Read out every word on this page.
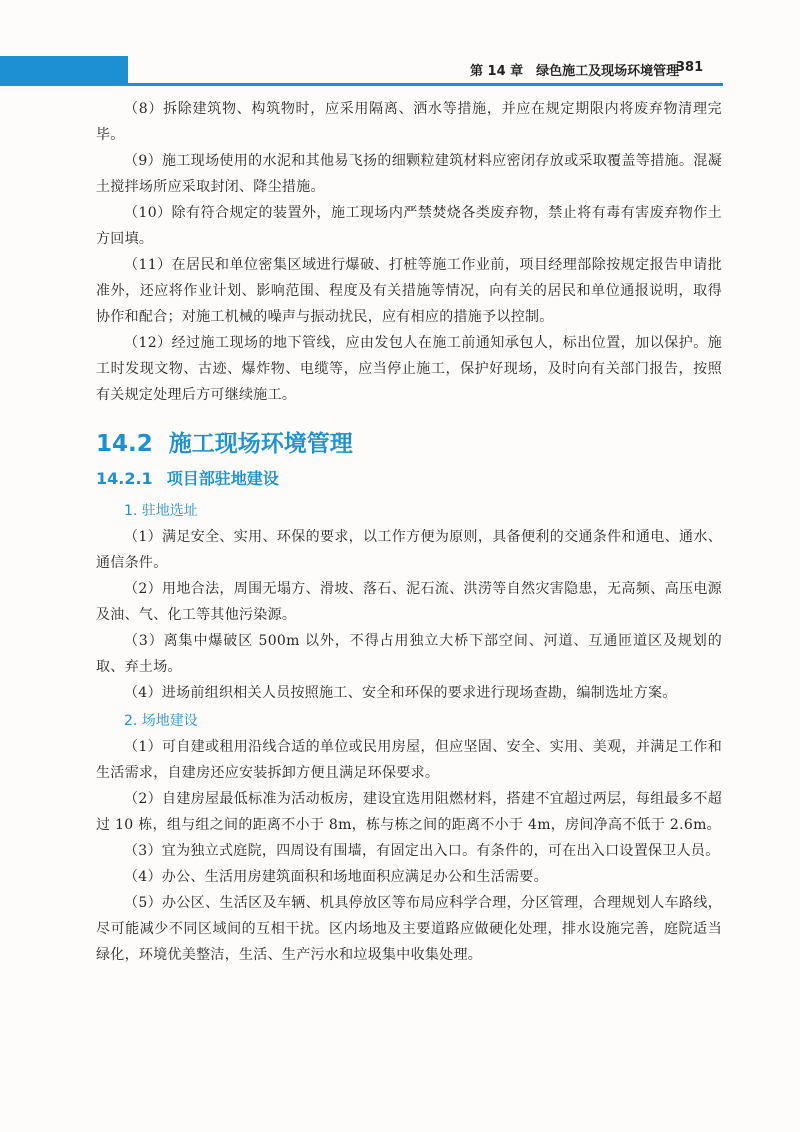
第 14 章　绿色施工及现场环境管理
381

（8）拆除建筑物、构筑物时，应采用隔离、洒水等措施，并应在规定期限内将废弃物清理完毕。

（9）施工现场使用的水泥和其他易飞扬的细颗粒建筑材料应密闭存放或采取覆盖等措施。混凝土搅拌场所应采取封闭、降尘措施。

（10）除有符合规定的装置外，施工现场内严禁焚烧各类废弃物，禁止将有毒有害废弃物作土方回填。

（11）在居民和单位密集区域进行爆破、打桩等施工作业前，项目经理部除按规定报告申请批准外，还应将作业计划、影响范围、程度及有关措施等情况，向有关的居民和单位通报说明，取得协作和配合；对施工机械的噪声与振动扰民，应有相应的措施予以控制。

（12）经过施工现场的地下管线，应由发包人在施工前通知承包人，标出位置，加以保护。施工时发现文物、古迹、爆炸物、电缆等，应当停止施工，保护好现场，及时向有关部门报告，按照有关规定处理后方可继续施工。

14.2 施工现场环境管理
14.2.1 项目部驻地建设
1. 驻地选址

（1）满足安全、实用、环保的要求，以工作方便为原则，具备便利的交通条件和通电、通水、通信条件。

（2）用地合法，周围无塌方、滑坡、落石、泥石流、洪涝等自然灾害隐患，无高频、高压电源及油、气、化工等其他污染源。

（3）离集中爆破区 500m 以外，不得占用独立大桥下部空间、河道、互通匝道区及规划的取、弃土场。

（4）进场前组织相关人员按照施工、安全和环保的要求进行现场查勘，编制选址方案。

2. 场地建设

（1）可自建或租用沿线合适的单位或民用房屋，但应坚固、安全、实用、美观，并满足工作和生活需求，自建房还应安装拆卸方便且满足环保要求。

（2）自建房屋最低标准为活动板房，建设宜选用阻燃材料，搭建不宜超过两层，每组最多不超过 10 栋，组与组之间的距离不小于 8m，栋与栋之间的距离不小于 4m，房间净高不低于 2.6m。

（3）宜为独立式庭院，四周设有围墙，有固定出入口。有条件的，可在出入口设置保卫人员。

（4）办公、生活用房建筑面积和场地面积应满足办公和生活需要。

（5）办公区、生活区及车辆、机具停放区等布局应科学合理，分区管理，合理规划人车路线，尽可能减少不同区域间的互相干扰。区内场地及主要道路应做硬化处理，排水设施完善，庭院适当绿化，环境优美整洁，生活、生产污水和垃圾集中收集处理。
